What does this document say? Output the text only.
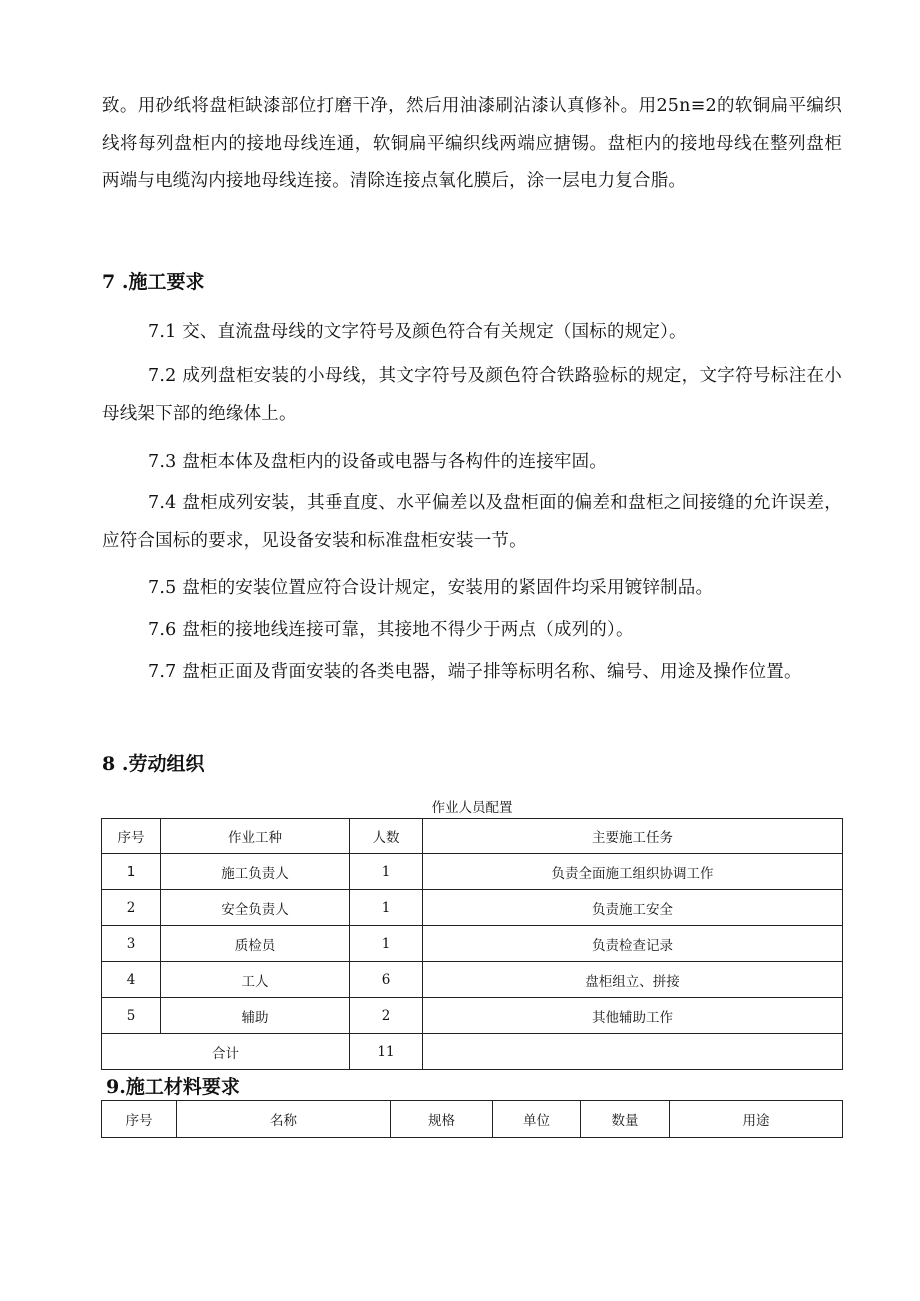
致。用砂纸将盘柜缺漆部位打磨干净，然后用油漆刷沾漆认真修补。用25n≡2的软铜扁平编织线将每列盘柜内的接地母线连通，软铜扁平编织线两端应搪锡。盘柜内的接地母线在整列盘柜两端与电缆沟内接地母线连接。清除连接点氧化膜后，涂一层电力复合脂。

7 .施工要求

7.1 交、直流盘母线的文字符号及颜色符合有关规定（国标的规定）。

7.2 成列盘柜安装的小母线，其文字符号及颜色符合铁路验标的规定，文字符号标注在小母线架下部的绝缘体上。

7.3 盘柜本体及盘柜内的设备或电器与各构件的连接牢固。

7.4 盘柜成列安装，其垂直度、水平偏差以及盘柜面的偏差和盘柜之间接缝的允许误差，应符合国标的要求，见设备安装和标准盘柜安装一节。

7.5 盘柜的安装位置应符合设计规定，安装用的紧固件均采用镀锌制品。

7.6 盘柜的接地线连接可靠，其接地不得少于两点（成列的）。

7.7 盘柜正面及背面安装的各类电器，端子排等标明名称、编号、用途及操作位置。

8 .劳动组织

作业人员配置

序号	作业工种	人数	主要施工任务
1	施工负责人	1	负责全面施工组织协调工作
2	安全负责人	1	负责施工安全
3	质检员	1	负责检查记录
4	工人	6	盘柜组立、拼接
5	辅助	2	其他辅助工作
合计		11	
9.施工材料要求
序号	名称	规格	单位	数量	用途
